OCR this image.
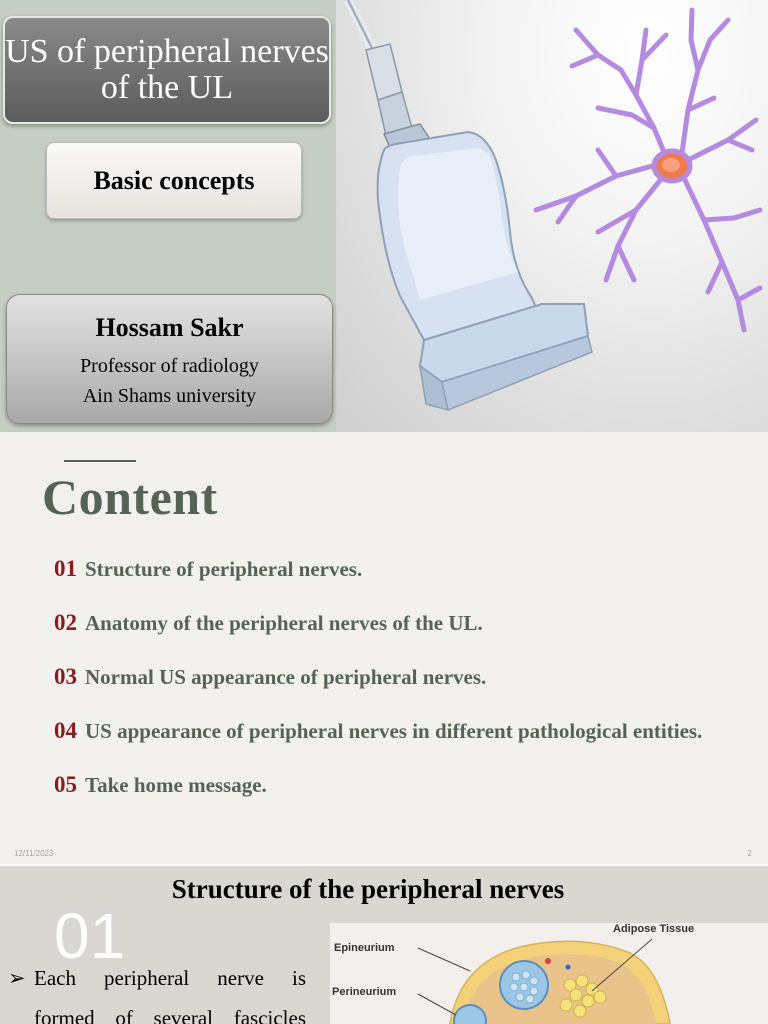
US of peripheral nerves of the UL
Basic concepts
Hossam Sakr
Professor of radiology
Ain Shams university
Content
01 Structure of peripheral nerves.
02 Anatomy of the peripheral nerves of the UL.
03 Normal US appearance of peripheral nerves.
04 US appearance of peripheral nerves in different pathological entities.
05 Take home message.
12/11/2023	2
Structure of the peripheral nerves
01
➢ Each peripheral nerve is
formed of several fascicles
Adipose Tissue
Epineurium
Perineurium
